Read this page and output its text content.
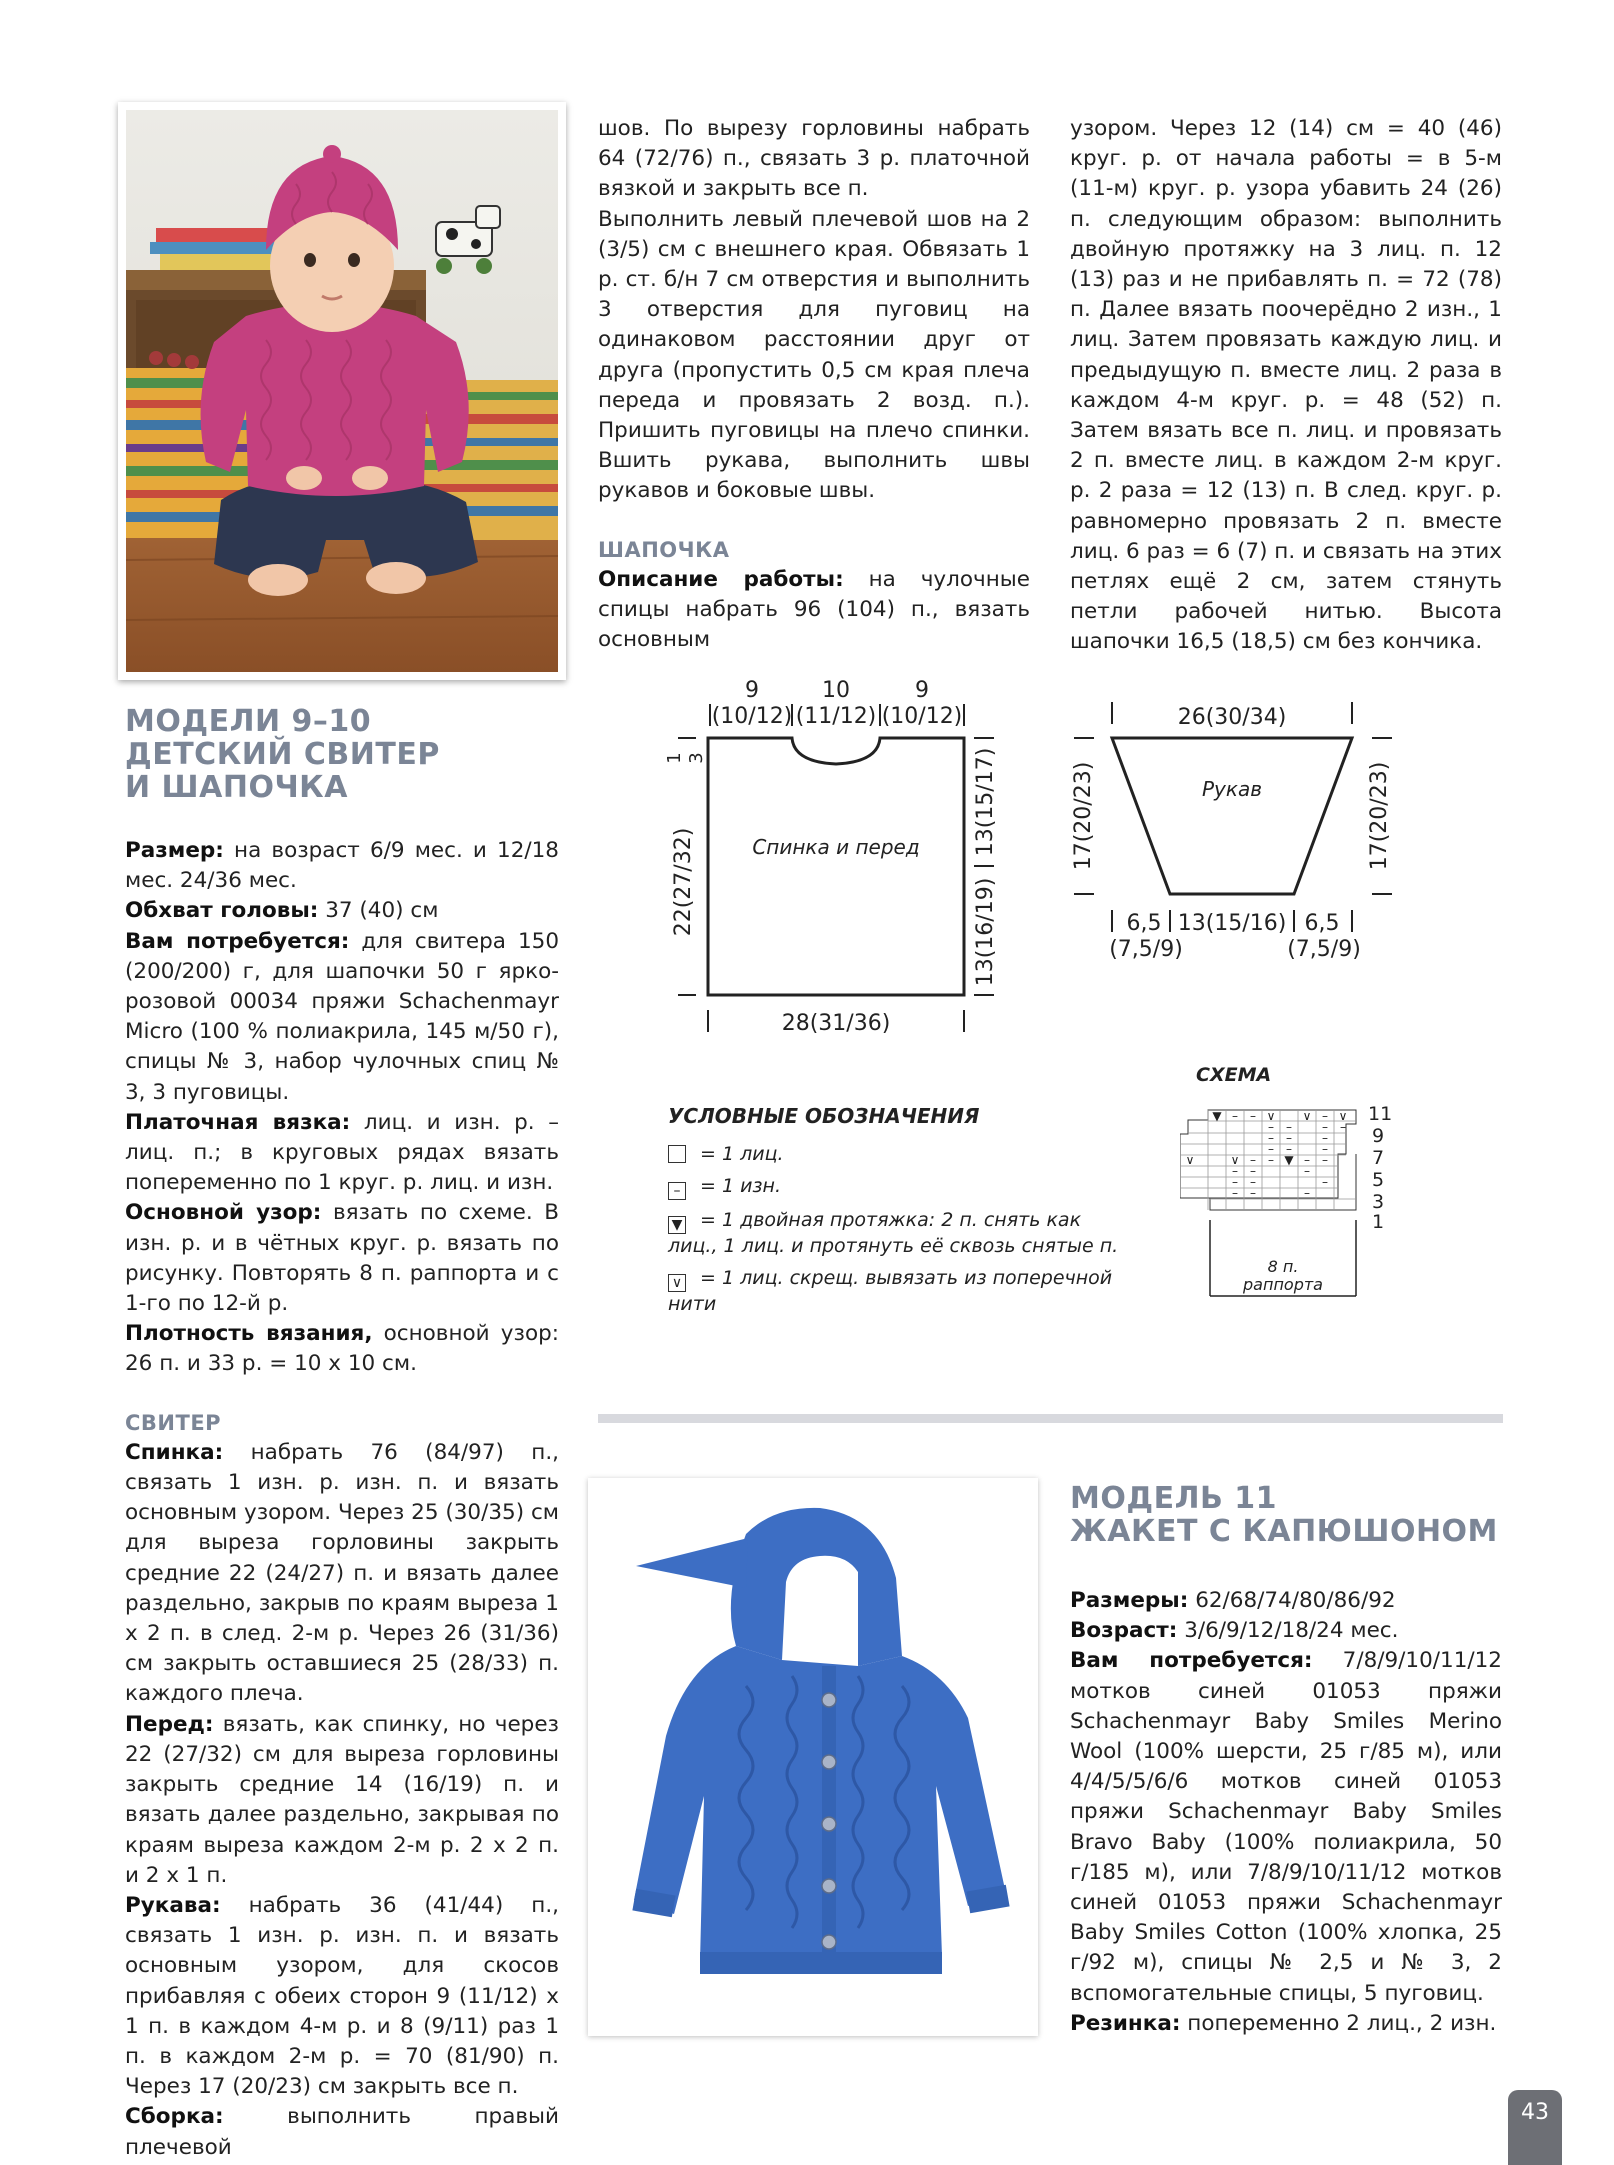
шов. По вырезу горловины набрать 64 (72/76) п., связать 3 р. платочной вязкой и закрыть все п.

Выполнить левый плечевой шов на 2 (3/5) см с внешнего края. Обвязать 1 р. ст. б/н 7 см отверстия и выполнить 3 отверстия для пуговиц на одинаковом расстоянии друг от друга (пропустить 0,5 см края плеча переда и провязать 2 возд. п.). Пришить пуговицы на плечо спинки. Вшить рукава, выполнить швы рукавов и боковые швы.

ШАПОЧКА

Описание работы: на чулочные спицы набрать 96 (104) п., вязать основным

узором. Через 12 (14) см = 40 (46) круг. р. от начала работы = в 5-м (11-м) круг. р. узора убавить 24 (26) п. следующим образом: выполнить двойную протяжку на 3 лиц. п. 12 (13) раз и не прибавлять п. = 72 (78) п. Далее вязать поочерёдно 2 изн., 1 лиц. Затем провязать каждую лиц. и предыдущую п. вместе лиц. 2 раза в каждом 4-м круг. р. = 48 (52) п. Затем вязать все п. лиц. и провязать 2 п. вместе лиц. в каждом 2-м круг. р. 2 раза = 12 (13) п. В след. круг. р. равномерно провязать 2 п. вместе лиц. 6 раз = 6 (7) п. и связать на этих петлях ещё 2 см, затем стянуть петли рабочей нитью. Высота шапочки 16,5 (18,5) см без кончика.

МОДЕЛИ 9–10
ДЕТСКИЙ СВИТЕР
И ШАПОЧКА

Размер: на возраст 6/9 мес. и 12/18 мес. 24/36 мес.

Обхват головы: 37 (40) см

Вам потребуется: для свитера 150 (200/200) г, для шапочки 50 г ярко-розовой 00034 пряжи Schachenmayr Micro (100 % полиакрила, 145 м/50 г), спицы № 3, набор чулочных спиц № 3, 3 пуговицы.

Платочная вязка: лиц. и изн. р. – лиц. п.; в круговых рядах вязать попеременно по 1 круг. р. лиц. и изн.

Основной узор: вязать по схеме. В изн. р. и в чётных круг. р. вязать по рисунку. Повторять 8 п. раппорта и с 1-го по 12-й р.

Плотность вязания, основной узор: 26 п. и 33 р. = 10 х 10 см.

СВИТЕР

Спинка: набрать 76 (84/97) п., связать 1 изн. р. изн. п. и вязать основным узором. Через 25 (30/35) см для выреза горловины закрыть средние 22 (24/27) п. и вязать далее раздельно, закрыв по краям выреза 1 х 2 п. в след. 2-м р. Через 26 (31/36) см закрыть оставшиеся 25 (28/33) п. каждого плеча.

Перед: вязать, как спинку, но через 22 (27/32) см для выреза горловины закрыть средние 14 (16/19) п. и вязать далее раздельно, закрывая по краям выреза каждом 2-м р. 2 х 2 п. и 2 х 1 п.

Рукава: набрать 36 (41/44) п., связать 1 изн. р. изн. п. и вязать основным узором, для скосов прибавляя с обеих сторон 9 (11/12) х 1 п. в каждом 4-м р. и 8 (9/11) раз 1 п. в каждом 2-м р. = 70 (81/90) п. Через 17 (20/23) см закрыть все п.

Сборка: выполнить правый плечевой

9	10	9
(10/12) (11/12) (10/12)
Спинка и перед
1 3
22(27/32)
13(15/17)
13(16/19)
28(31/36)
26(30/34)
Рукав
17(20/23)	17(20/23)
6,5 13(15/16) 6,5
(7,5/9)	(7,5/9)
УСЛОВНЫЕ ОБОЗНАЧЕНИЯ
= 1 лиц.
– = 1 изн.
▼ = 1 двойная протяжка: 2 п. снять как лиц., 1 лиц. и протянуть её сквозь снятые п.
∨ = 1 лиц. скрещ. вывязать из поперечной нити
СХЕМА
▼ – – ∨ ∨ – ∨
– –	– –
– –	–
– –	–
∨	∨ – – ▼ – –
– –	–
– –	–
– –	–
11
9
7
5
3
1
8 п.
раппорта
МОДЕЛЬ 11
ЖАКЕТ С КАПЮШОНОМ

Размеры: 62/68/74/80/86/92

Возраст: 3/6/9/12/18/24 мес.

Вам потребуется: 7/8/9/10/11/12 мотков синей 01053 пряжи Schachenmayr Baby Smiles Merino Wool (100% шерсти, 25 г/85 м), или 4/4/5/5/6/6 мотков синей 01053 пряжи Schachenmayr Baby Smiles Bravo Baby (100% полиакрила, 50 г/185 м), или 7/8/9/10/11/12 мотков синей 01053 пряжи Schachenmayr Baby Smiles Cotton (100% хлопка, 25 г/92 м), спицы № 2,5 и № 3, 2 вспомогательные спицы, 5 пуговиц.

Резинка: попеременно 2 лиц., 2 изн.

43
